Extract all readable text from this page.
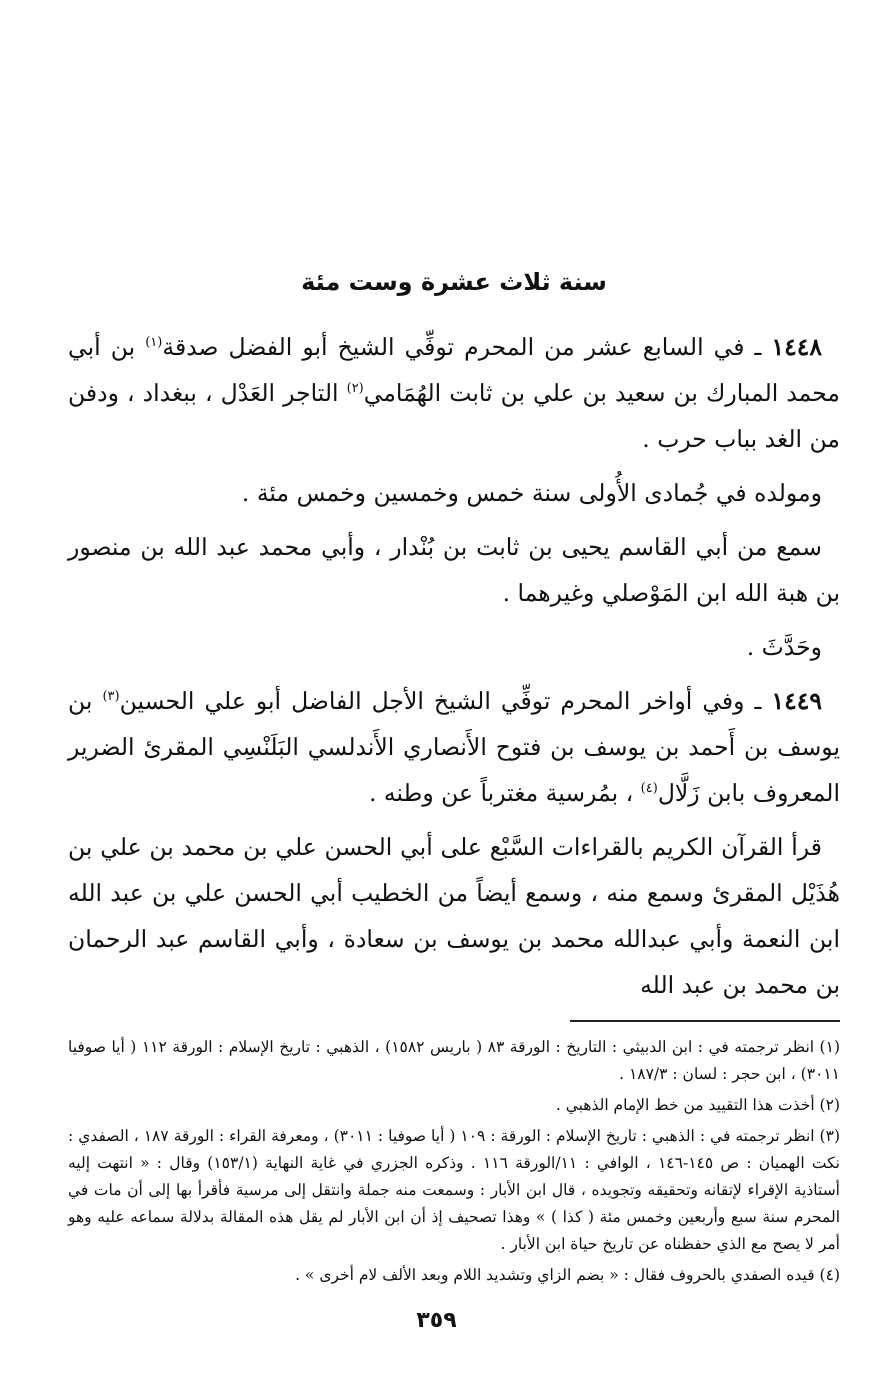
سنة ثلاث عشرة وست مئة

١٤٤٨ ـ في السابع عشر من المحرم توفِّي الشيخ أبو الفضل صدقة$^{(١)}$ بن أبي محمد المبارك بن سعيد بن علي بن ثابت الهُمَامي$^{(٢)}$ التاجر العَدْل ، ببغداد ، ودفن من الغد بباب حرب .

ومولده في جُمادى الأُولى سنة خمس وخمسين وخمس مئة .

سمع من أبي القاسم يحيى بن ثابت بن بُنْدار ، وأبي محمد عبد الله بن منصور بن هبة الله ابن المَوْصلي وغيرهما .

وحَدَّثَ .

١٤٤٩ ـ وفي أواخر المحرم توفِّي الشيخ الأجل الفاضل أبو علي الحسين$^{(٣)}$ بن يوسف بن أَحمد بن يوسف بن فتوح الأَنصاري الأَندلسي البَلَنْسِي المقرئ الضرير المعروف بابن زَلَّال$^{(٤)}$ ، بمُرسية مغترباً عن وطنه .

قرأ القرآن الكريم بالقراءات السَّبْع على أبي الحسن علي بن محمد بن علي بن هُذَيْل المقرئ وسمع منه ، وسمع أيضاً من الخطيب أبي الحسن علي بن عبد الله ابن النعمة وأبي عبدالله محمد بن يوسف بن سعادة ، وأبي القاسم عبد الرحمان بن محمد بن عبد الله

(١) انظر ترجمته في : ابن الدبيثي : التاريخ : الورقة ٨٣ ( باريس ١٥٨٢) ، الذهبي : تاريخ الإسلام : الورقة ١١٢ ( أيا صوفيا ٣٠١١) ، ابن حجر : لسان : ١٨٧/٣ .

(٢) أخذت هذا التقييد من خط الإمام الذهبي .

(٣) انظر ترجمته في : الذهبي : تاريخ الإسلام : الورقة : ١٠٩ ( أيا صوفيا : ٣٠١١) ، ومعرفة القراء : الورقة ١٨٧ ، الصفدي : نكت الهميان : ص ١٤٥-١٤٦ ، الوافي : ١١/الورقة ١١٦ . وذكره الجزري في غاية النهاية (١٥٣/١) وقال : « انتهت إليه أستاذية الإقراء لإتقانه وتحقيقه وتجويده ، قال ابن الأبار : وسمعت منه جملة وانتقل إلى مرسية فأقرأ بها إلى أن مات في المحرم سنة سبع وأربعين وخمس مئة ( كذا ) » وهذا تصحيف إذ أن ابن الأبار لم يقل هذه المقالة بدلالة سماعه عليه وهو أمر لا يصح مع الذي حفظناه عن تاريخ حياة ابن الأبار .

(٤) قيده الصفدي بالحروف فقال : « بضم الزاي وتشديد اللام وبعد الألف لام أخرى » .

٣٥٩
